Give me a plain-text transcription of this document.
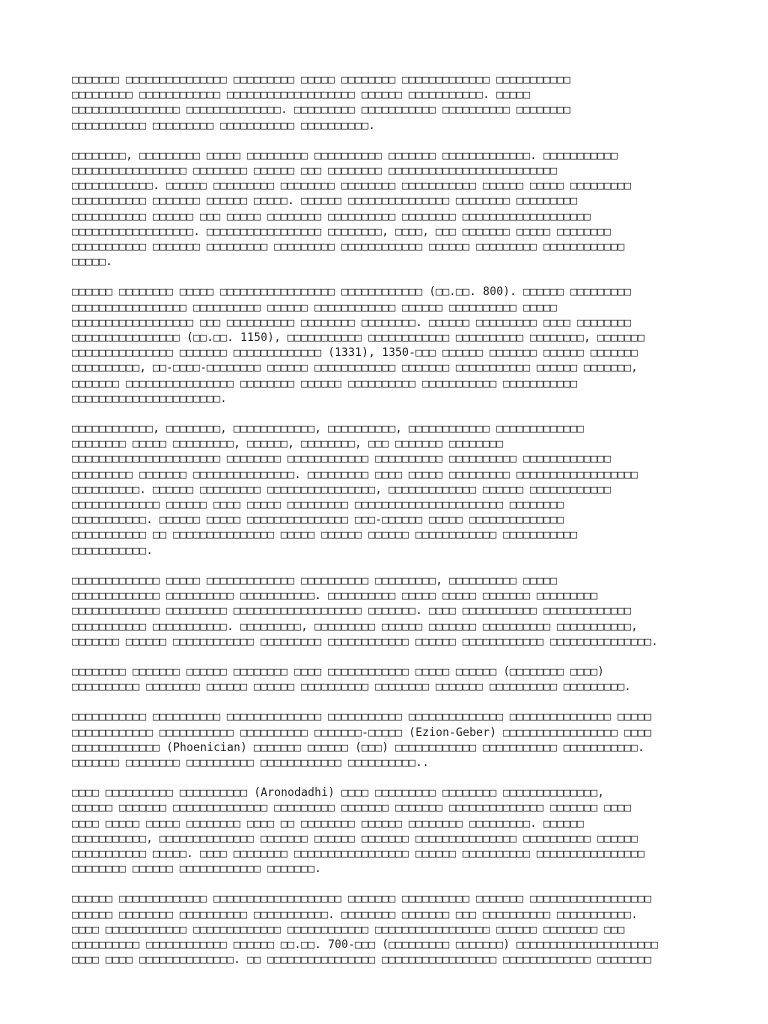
□□□□□□□ □□□□□□□□□□□□□□□ □□□□□□□□□ □□□□□ □□□□□□□□ □□□□□□□□□□□□□ □□□□□□□□□□□
□□□□□□□□□ □□□□□□□□□□□□ □□□□□□□□□□□□□□□□□□□ □□□□□□ □□□□□□□□□□□. □□□□□
□□□□□□□□□□□□□□□□ □□□□□□□□□□□□□□. □□□□□□□□□ □□□□□□□□□□□ □□□□□□□□□□ □□□□□□□□
□□□□□□□□□□□ □□□□□□□□□ □□□□□□□□□□□ □□□□□□□□□□.
□□□□□□□□, □□□□□□□□□ □□□□□ □□□□□□□□□ □□□□□□□□□□ □□□□□□□ □□□□□□□□□□□□□. □□□□□□□□□□□
□□□□□□□□□□□□□□□□□ □□□□□□□□ □□□□□□ □□□ □□□□□□□□ □□□□□□□□□□□□□□□□□□□□□□□□□
□□□□□□□□□□□□. □□□□□□ □□□□□□□□□ □□□□□□□□ □□□□□□□□ □□□□□□□□□□□ □□□□□□ □□□□□ □□□□□□□□□
□□□□□□□□□□□ □□□□□□□ □□□□□□ □□□□□. □□□□□□ □□□□□□□□□□□□□□□ □□□□□□□□ □□□□□□□□□
□□□□□□□□□□□ □□□□□□ □□□ □□□□□ □□□□□□□□ □□□□□□□□□□ □□□□□□□□ □□□□□□□□□□□□□□□□□□□
□□□□□□□□□□□□□□□□□□. □□□□□□□□□□□□□□□□□ □□□□□□□□, □□□□, □□□ □□□□□□□ □□□□□ □□□□□□□□
□□□□□□□□□□□ □□□□□□□ □□□□□□□□□ □□□□□□□□□ □□□□□□□□□□□□ □□□□□□ □□□□□□□□□ □□□□□□□□□□□□
□□□□□.
□□□□□□ □□□□□□□□ □□□□□ □□□□□□□□□□□□□□□□□ □□□□□□□□□□□□ (□□.□□. 800). □□□□□□ □□□□□□□□□
□□□□□□□□□□□□□□□□□ □□□□□□□□□□ □□□□□□ □□□□□□□□□□□□ □□□□□□ □□□□□□□□□□ □□□□□
□□□□□□□□□□□□□□□□□□ □□□ □□□□□□□□□□ □□□□□□□□ □□□□□□□□. □□□□□□ □□□□□□□□□ □□□□ □□□□□□□□
□□□□□□□□□□□□□□□□ (□□.□□. 1150), □□□□□□□□□□□ □□□□□□□□□□□□ □□□□□□□□□□ □□□□□□□□, □□□□□□□
□□□□□□□□□□□□□□□ □□□□□□□ □□□□□□□□□□□□□ (1331), 1350-□□□ □□□□□□ □□□□□□□ □□□□□□ □□□□□□□
□□□□□□□□□□, □□-□□□□-□□□□□□□□ □□□□□□ □□□□□□□□□□□□ □□□□□□□ □□□□□□□□□□□ □□□□□□ □□□□□□□,
□□□□□□□ □□□□□□□□□□□□□□□□ □□□□□□□□ □□□□□□ □□□□□□□□□□ □□□□□□□□□□□ □□□□□□□□□□□
□□□□□□□□□□□□□□□□□□□□□□.
□□□□□□□□□□□□, □□□□□□□□, □□□□□□□□□□□□, □□□□□□□□□□, □□□□□□□□□□□□ □□□□□□□□□□□□□
□□□□□□□□ □□□□□ □□□□□□□□□, □□□□□□, □□□□□□□□, □□□ □□□□□□□ □□□□□□□□
□□□□□□□□□□□□□□□□□□□□□□ □□□□□□□□ □□□□□□□□□□□□ □□□□□□□□□□ □□□□□□□□□□ □□□□□□□□□□□□□
□□□□□□□□□ □□□□□□□ □□□□□□□□□□□□□□□. □□□□□□□□□ □□□□ □□□□□ □□□□□□□□□ □□□□□□□□□□□□□□□□□□
□□□□□□□□□□. □□□□□□ □□□□□□□□□ □□□□□□□□□□□□□□□□, □□□□□□□□□□□□□ □□□□□□ □□□□□□□□□□□□
□□□□□□□□□□□□□ □□□□□□ □□□□ □□□□□ □□□□□□□□□ □□□□□□□□□□□□□□□□□□□□□□ □□□□□□□□
□□□□□□□□□□□. □□□□□□ □□□□□ □□□□□□□□□□□□□□□ □□□-□□□□□□ □□□□□ □□□□□□□□□□□□□□
□□□□□□□□□□□ □□ □□□□□□□□□□□□□□□ □□□□□ □□□□□□ □□□□□□ □□□□□□□□□□□□ □□□□□□□□□□□
□□□□□□□□□□□.
□□□□□□□□□□□□□ □□□□□ □□□□□□□□□□□□□ □□□□□□□□□□ □□□□□□□□□, □□□□□□□□□□ □□□□□
□□□□□□□□□□□□□ □□□□□□□□□□ □□□□□□□□□□□. □□□□□□□□□□ □□□□□ □□□□□ □□□□□□□ □□□□□□□□□
□□□□□□□□□□□□□ □□□□□□□□□ □□□□□□□□□□□□□□□□□□□ □□□□□□□. □□□□ □□□□□□□□□□□ □□□□□□□□□□□□□
□□□□□□□□□□□ □□□□□□□□□□□. □□□□□□□□□, □□□□□□□□□ □□□□□□ □□□□□□□ □□□□□□□□□□ □□□□□□□□□□□,
□□□□□□□ □□□□□□ □□□□□□□□□□□□ □□□□□□□□□ □□□□□□□□□□□□ □□□□□□ □□□□□□□□□□□□ □□□□□□□□□□□□□□□.
□□□□□□□□ □□□□□□□ □□□□□□ □□□□□□□□ □□□□ □□□□□□□□□□□□ □□□□□ □□□□□□ (□□□□□□□□ □□□□)
□□□□□□□□□□ □□□□□□□□ □□□□□□ □□□□□□ □□□□□□□□□□ □□□□□□□□ □□□□□□□ □□□□□□□□□□ □□□□□□□□□.
□□□□□□□□□□□ □□□□□□□□□□ □□□□□□□□□□□□□□ □□□□□□□□□□□ □□□□□□□□□□□□□□ □□□□□□□□□□□□□□□ □□□□□
□□□□□□□□□□□□ □□□□□□□□□□□ □□□□□□□□□□ □□□□□□□-□□□□□ (Ezion-Geber) □□□□□□□□□□□□□□□□□ □□□□
□□□□□□□□□□□□□ (Phoenician) □□□□□□□ □□□□□□ (□□□) □□□□□□□□□□□□ □□□□□□□□□□□ □□□□□□□□□□□.
□□□□□□□ □□□□□□□□ □□□□□□□□□□ □□□□□□□□□□□□ □□□□□□□□□□..
□□□□ □□□□□□□□□□ □□□□□□□□□□ (Aronodadhi) □□□□ □□□□□□□□□ □□□□□□□□ □□□□□□□□□□□□□□,
□□□□□□ □□□□□□□ □□□□□□□□□□□□□□ □□□□□□□□□ □□□□□□□ □□□□□□□ □□□□□□□□□□□□□□ □□□□□□□ □□□□
□□□□ □□□□□ □□□□□ □□□□□□□□ □□□□ □□ □□□□□□□□ □□□□□□ □□□□□□□□ □□□□□□□□□. □□□□□□
□□□□□□□□□□□, □□□□□□□□□□□□□□ □□□□□□□ □□□□□□ □□□□□□□ □□□□□□□□□□□□□□□ □□□□□□□□□□ □□□□□□
□□□□□□□□□□□ □□□□□. □□□□ □□□□□□□□ □□□□□□□□□□□□□□□□□ □□□□□□ □□□□□□□□□□ □□□□□□□□□□□□□□□□
□□□□□□□□ □□□□□□ □□□□□□□□□□□□ □□□□□□□.
□□□□□□ □□□□□□□□□□□□□ □□□□□□□□□□□□□□□□□□□ □□□□□□□ □□□□□□□□□□ □□□□□□□ □□□□□□□□□□□□□□□□□□
□□□□□□ □□□□□□□□ □□□□□□□□□□ □□□□□□□□□□□. □□□□□□□□ □□□□□□□ □□□ □□□□□□□□□□ □□□□□□□□□□□.
□□□□ □□□□□□□□□□□□ □□□□□□□□□□□□□ □□□□□□□□□□□□ □□□□□□□□□□□□□□□□□ □□□□□□ □□□□□□□□ □□□
□□□□□□□□□□ □□□□□□□□□□□□ □□□□□□ □□.□□. 700-□□□ (□□□□□□□□□ □□□□□□□) □□□□□□□□□□□□□□□□□□□□□
□□□□ □□□□ □□□□□□□□□□□□□□. □□ □□□□□□□□□□□□□□□□ □□□□□□□□□□□□□□□□□ □□□□□□□□□□□□□ □□□□□□□□
